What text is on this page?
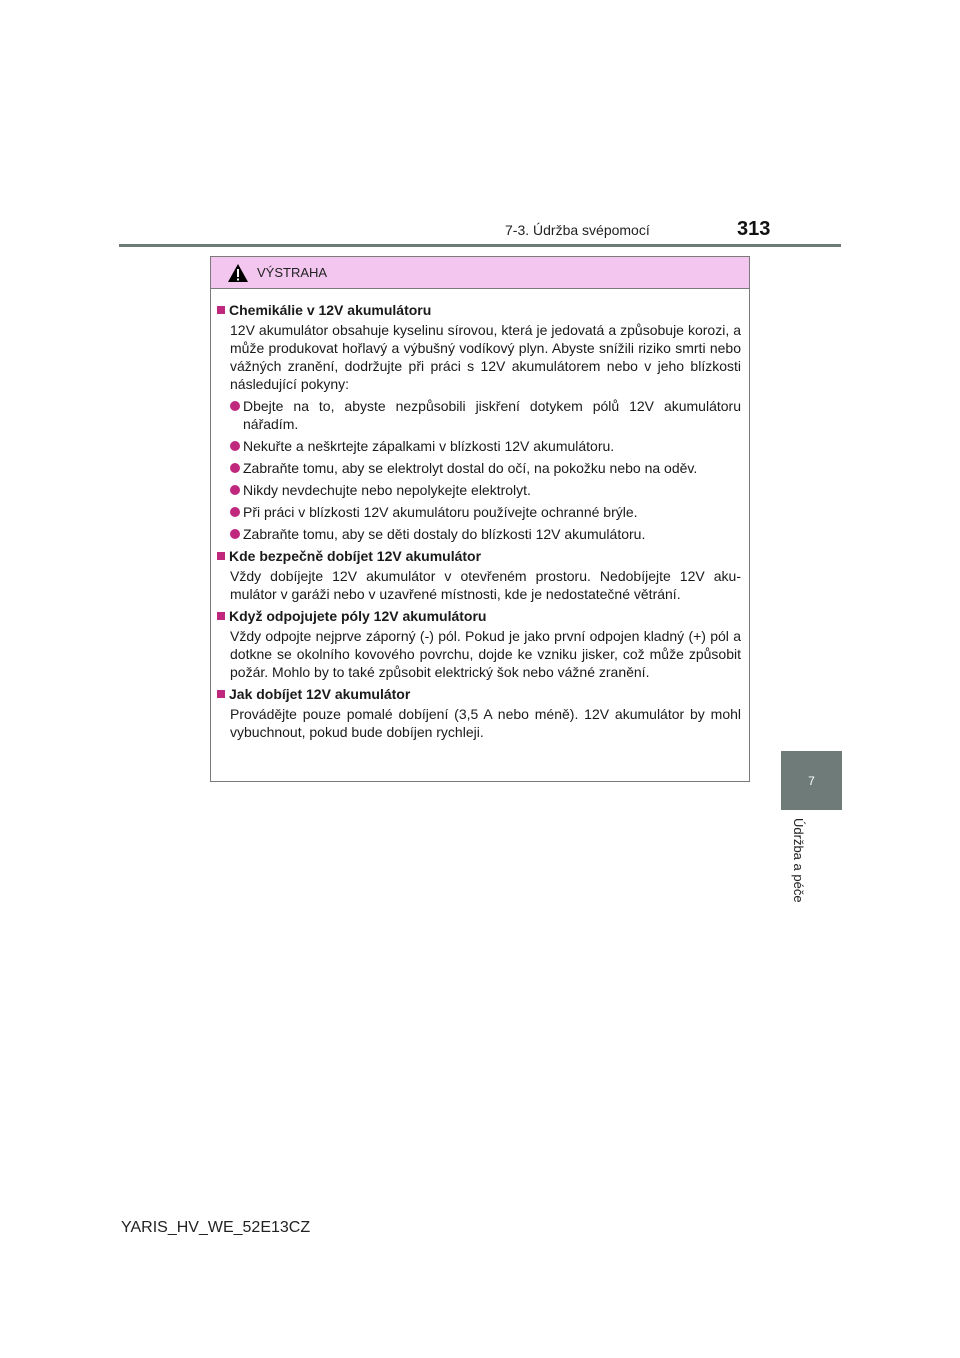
7-3. Údržba svépomocí	313
7
Údržba a péče
VÝSTRAHA
Chemikálie v 12V akumulátoru
12V akumulátor obsahuje kyselinu sírovou, která je jedovatá a způsobuje korozi, a může produkovat hořlavý a výbušný vodíkový plyn. Abyste snížili riziko smrti nebo vážných zranění, dodržujte při práci s 12V akumulátorem nebo v jeho blízkosti následující pokyny:
Dbejte na to, abyste nezpůsobili jiskření dotykem pólů 12V akumulátoru nářadím.
Nekuřte a neškrtejte zápalkami v blízkosti 12V akumulátoru.
Zabraňte tomu, aby se elektrolyt dostal do očí, na pokožku nebo na oděv.
Nikdy nevdechujte nebo nepolykejte elektrolyt.
Při práci v blízkosti 12V akumulátoru používejte ochranné brýle.
Zabraňte tomu, aby se děti dostaly do blízkosti 12V akumulátoru.
Kde bezpečně dobíjet 12V akumulátor
Vždy dobíjejte 12V akumulátor v otevřeném prostoru. Nedobíjejte 12V aku- mulátor v garáži nebo v uzavřené místnosti, kde je nedostatečné větrání.
Když odpojujete póly 12V akumulátoru
Vždy odpojte nejprve záporný (-) pól. Pokud je jako první odpojen kladný (+) pól a dotkne se okolního kovového povrchu, dojde ke vzniku jisker, což může způsobit požár. Mohlo by to také způsobit elektrický šok nebo vážné zranění.
Jak dobíjet 12V akumulátor
Provádějte pouze pomalé dobíjení (3,5 A nebo méně). 12V akumulátor by mohl vybuchnout, pokud bude dobíjen rychleji.
YARIS_HV_WE_52E13CZ
